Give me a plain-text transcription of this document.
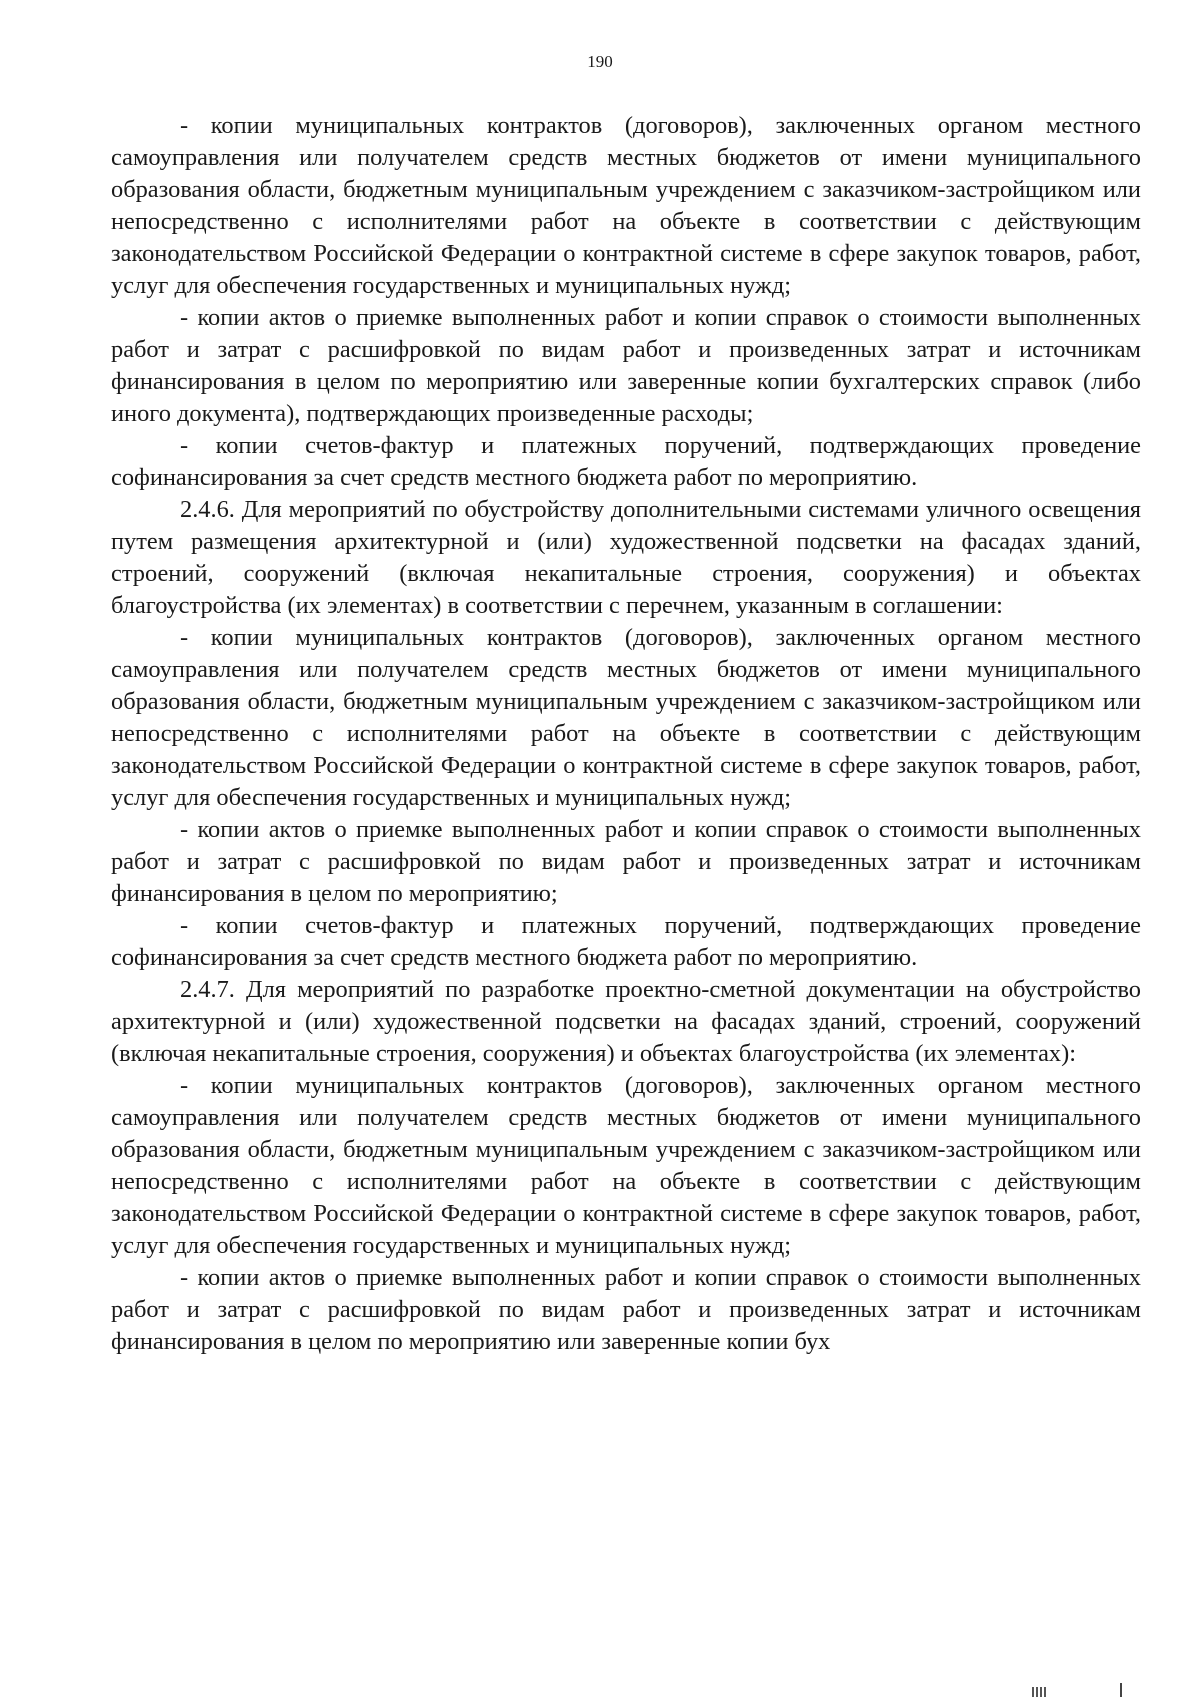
190

- копии муниципальных контрактов (договоров), заключенных органом местного самоуправления или получателем средств местных бюджетов от имени муниципального образования области, бюджетным муниципальным учреждением с заказчиком-застройщиком или непосредственно с исполнителями работ на объекте в соответствии с действующим законодательством Российской Федерации о контрактной системе в сфере закупок товаров, работ, услуг для обеспечения государственных и муниципальных нужд;

- копии актов о приемке выполненных работ и копии справок о стоимости выполненных работ и затрат с расшифровкой по видам работ и произведенных затрат и источникам финансирования в целом по мероприятию или заверенные копии бухгалтерских справок (либо иного документа), подтверждающих произведенные расходы;

- копии счетов-фактур и платежных поручений, подтверждающих проведение софинансирования за счет средств местного бюджета работ по мероприятию.

2.4.6. Для мероприятий по обустройству дополнительными системами уличного освещения путем размещения архитектурной и (или) художественной подсветки на фасадах зданий, строений, сооружений (включая некапитальные строения, сооружения) и объектах благоустройства (их элементах) в соответствии с перечнем, указанным в соглашении:

- копии муниципальных контрактов (договоров), заключенных органом местного самоуправления или получателем средств местных бюджетов от имени муниципального образования области, бюджетным муниципальным учреждением с заказчиком-застройщиком или непосредственно с исполнителями работ на объекте в соответствии с действующим законодательством Российской Федерации о контрактной системе в сфере закупок товаров, работ, услуг для обеспечения государственных и муниципальных нужд;

- копии актов о приемке выполненных работ и копии справок о стоимости выполненных работ и затрат с расшифровкой по видам работ и произведенных затрат и источникам финансирования в целом по мероприятию;

- копии счетов-фактур и платежных поручений, подтверждающих проведение софинансирования за счет средств местного бюджета работ по мероприятию.

2.4.7. Для мероприятий по разработке проектно-сметной документации на обустройство архитектурной и (или) художественной подсветки на фасадах зданий, строений, сооружений (включая некапитальные строения, сооружения) и объектах благоустройства (их элементах):

- копии муниципальных контрактов (договоров), заключенных органом местного самоуправления или получателем средств местных бюджетов от имени муниципального образования области, бюджетным муниципальным учреждением с заказчиком-застройщиком или непосредственно с исполнителями работ на объекте в соответствии с действующим законодательством Российской Федерации о контрактной системе в сфере закупок товаров, работ, услуг для обеспечения государственных и муниципальных нужд;

- копии актов о приемке выполненных работ и копии справок о стоимости выполненных работ и затрат с расшифровкой по видам работ и произведенных затрат и источникам финансирования в целом по мероприятию или заверенные копии бух
